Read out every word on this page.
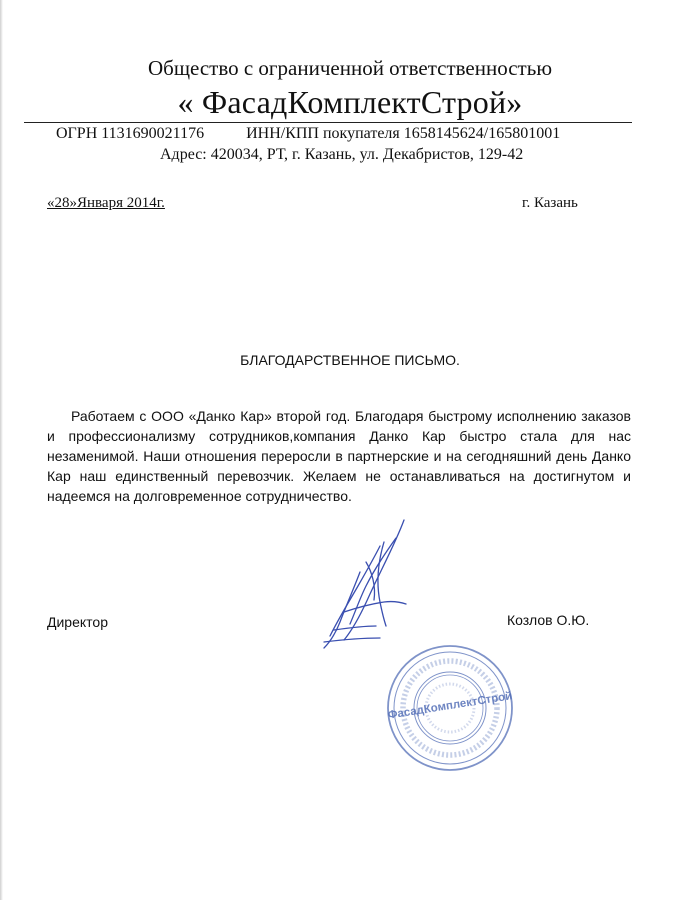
Общество с ограниченной ответственностью
« ФасадКомплектСтрой»
ОГРН 1131690021176	ИНН/КПП покупателя 1658145624/165801001
Адрес: 420034, РТ, г. Казань, ул. Декабристов, 129-42
«28»Января 2014г.	г. Казань
БЛАГОДАРСТВЕННОЕ ПИСЬМО.

Работаем с ООО «Данко Кар» второй год. Благодаря быстрому исполнению заказов и профессионализму сотрудников,компания Данко Кар быстро стала для нас незаменимой. Наши отношения переросли в партнерские и на сегодняшний день Данко Кар наш единственный перевозчик. Желаем не останавливаться на достигнутом и надеемся на долговременное сотрудничество.

Директор	Козлов О.Ю.
ФасадКомплектСтрой
